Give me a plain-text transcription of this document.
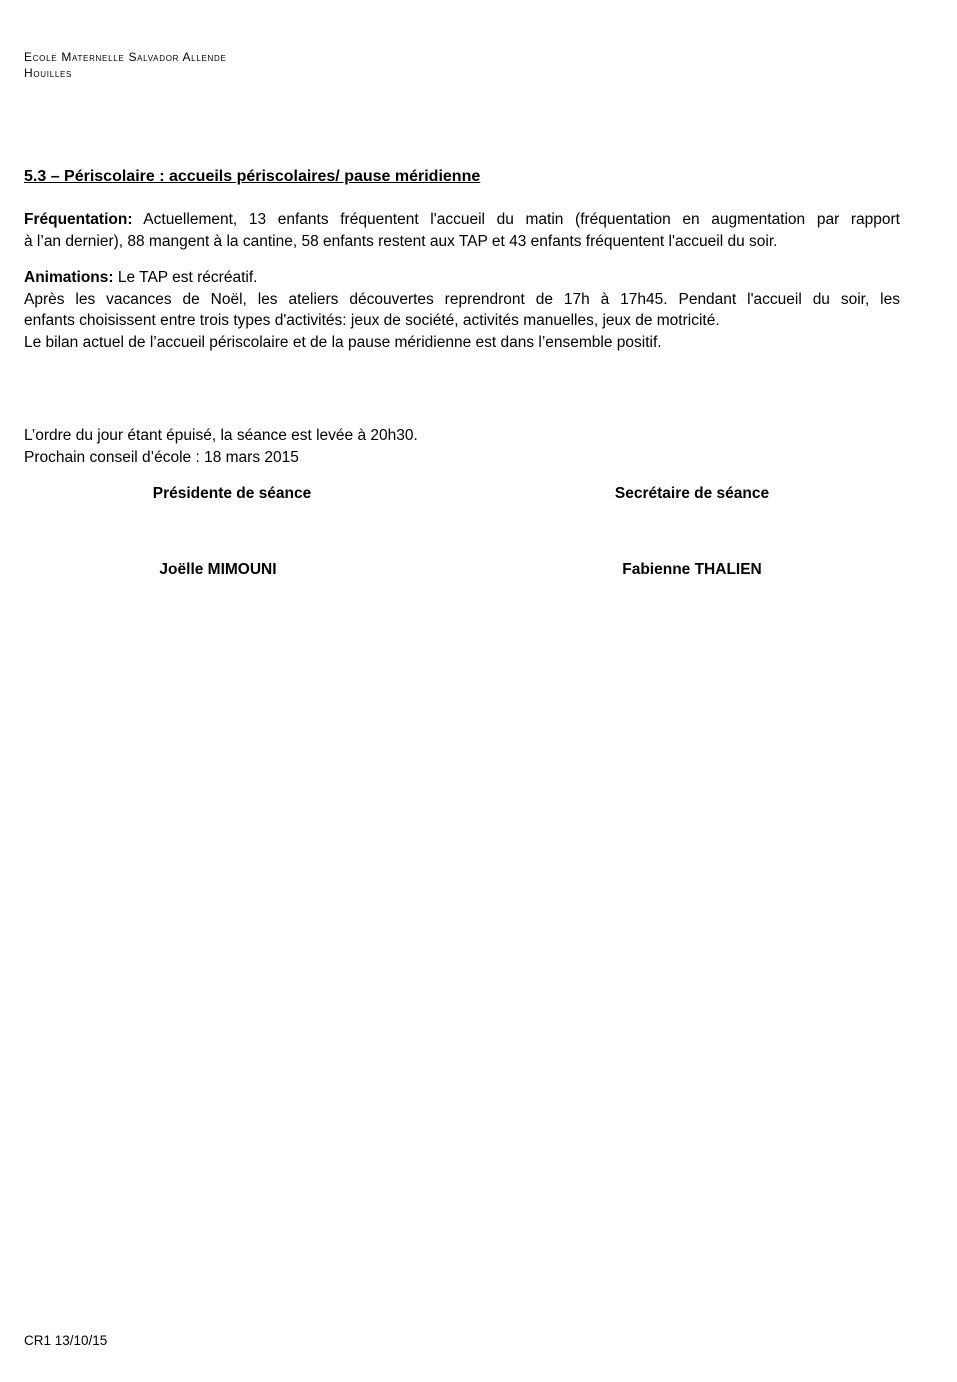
Ecole Maternelle Salvador Allende
Houilles
5.3 – Périscolaire : accueils périscolaires/ pause méridienne
Fréquentation: Actuellement, 13 enfants fréquentent l'accueil du matin (fréquentation en augmentation par rapport
à l’an dernier), 88 mangent à la cantine, 58 enfants restent aux TAP et 43 enfants fréquentent l'accueil du soir.
Animations: Le TAP est récréatif.
Après les vacances de Noël, les ateliers découvertes reprendront de 17h à 17h45. Pendant l'accueil du soir, les
enfants choisissent entre trois types d'activités: jeux de société, activités manuelles, jeux de motricité.
Le bilan actuel de l’accueil périscolaire et de la pause méridienne est dans l’ensemble positif.
L’ordre du jour étant épuisé, la séance est levée à 20h30.
Prochain conseil d’école : 18 mars 2015
Présidente de séance	Secrétaire de séance
Joëlle MIMOUNI	Fabienne THALIEN
CR1 13/10/15
